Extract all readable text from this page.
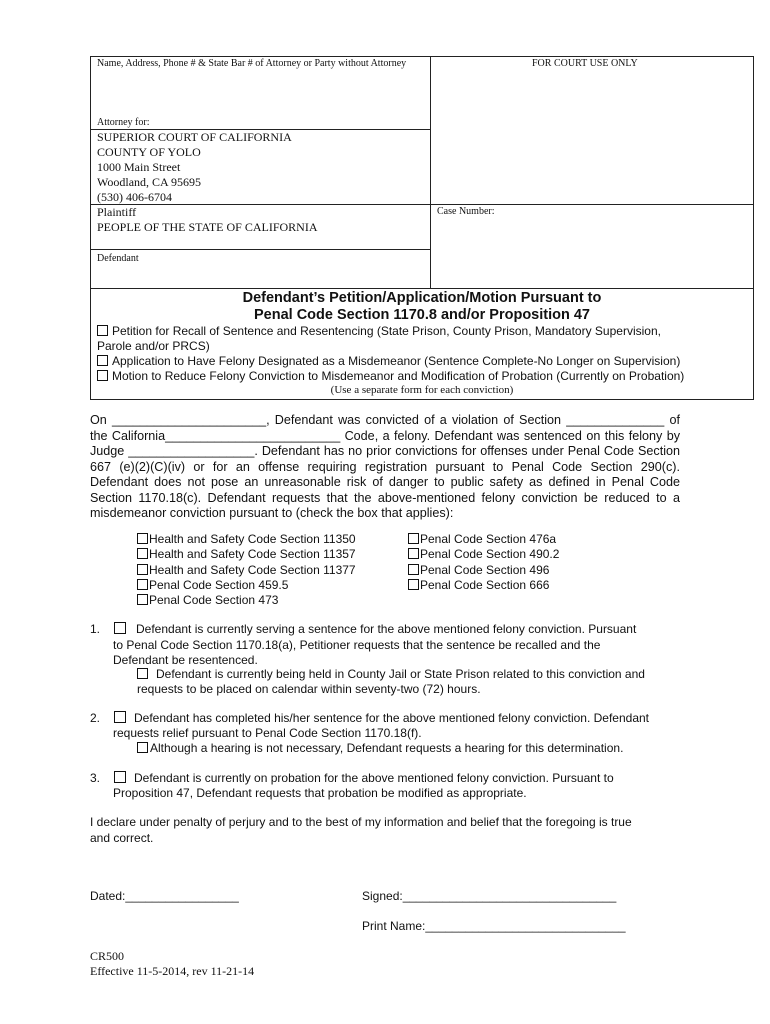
Name, Address, Phone # & State Bar # of Attorney or Party without Attorney	FOR COURT USE ONLY
Attorney for:
SUPERIOR COURT OF CALIFORNIA
COUNTY OF YOLO
1000 Main Street
Woodland, CA 95695
(530) 406-6704
Plaintiff
PEOPLE OF THE STATE OF CALIFORNIA
Case Number:
Defendant
Defendant’s Petition/Application/Motion Pursuant to
Penal Code Section 1170.8 and/or Proposition 47
Petition for Recall of Sentence and Resentencing (State Prison, County Prison, Mandatory Supervision,
Parole and/or PRCS)
Application to Have Felony Designated as a Misdemeanor (Sentence Complete-No Longer on Supervision)
Motion to Reduce Felony Conviction to Misdemeanor and Modification of Probation (Currently on Probation)
(Use a separate form for each conviction)
On ______________________, Defendant was convicted of a violation of Section ______________ of
the California_________________________ Code, a felony. Defendant was sentenced on this felony by
Judge __________________. Defendant has no prior convictions for offenses under Penal Code Section
667 (e)(2)(C)(iv) or for an offense requiring registration pursuant to Penal Code Section 290(c).
Defendant does not pose an unreasonable risk of danger to public safety as defined in Penal Code
Section 1170.18(c). Defendant requests that the above-mentioned felony conviction be reduced to a
misdemeanor conviction pursuant to (check the box that applies):
Health and Safety Code Section 11350
Health and Safety Code Section 11357
Health and Safety Code Section 11377
Penal Code Section 459.5
Penal Code Section 473
Penal Code Section 476a
Penal Code Section 490.2
Penal Code Section 496
Penal Code Section 666
1.	Defendant is currently serving a sentence for the above mentioned felony conviction. Pursuant
to Penal Code Section 1170.18(a), Petitioner requests that the sentence be recalled and the
Defendant be resentenced.
Defendant is currently being held in County Jail or State Prison related to this conviction and
requests to be placed on calendar within seventy-two (72) hours.
2.	Defendant has completed his/her sentence for the above mentioned felony conviction. Defendant
requests relief pursuant to Penal Code Section 1170.18(f).
Although a hearing is not necessary, Defendant requests a hearing for this determination.
3.	Defendant is currently on probation for the above mentioned felony conviction. Pursuant to
Proposition 47, Defendant requests that probation be modified as appropriate.
I declare under penalty of perjury and to the best of my information and belief that the foregoing is true
and correct.
Dated:_________________	Signed:________________________________
Print Name:______________________________
CR500
Effective 11-5-2014, rev 11-21-14
